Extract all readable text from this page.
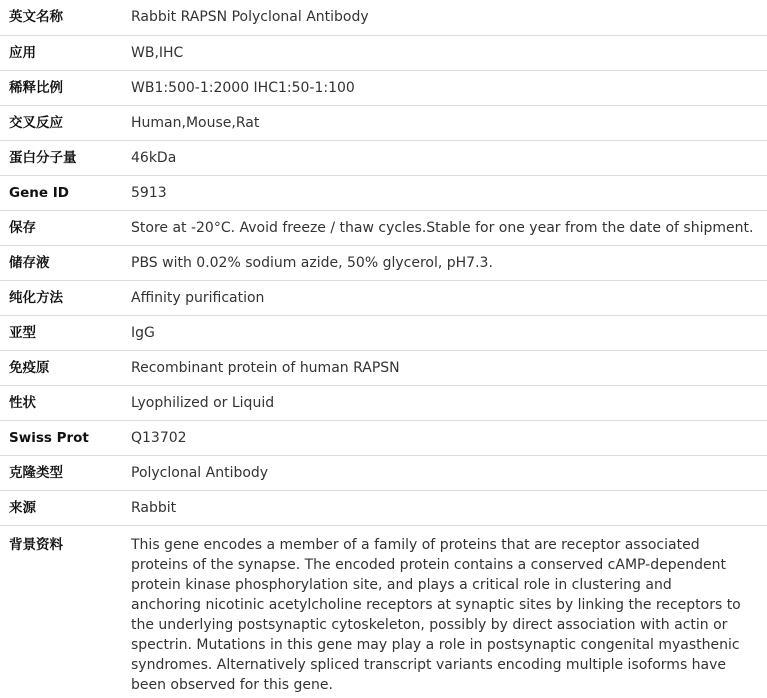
英文名称	Rabbit RAPSN Polyclonal Antibody
应用	WB,IHC
稀释比例	WB1:500-1:2000 IHC1:50-1:100
交叉反应	Human,Mouse,Rat
蛋白分子量	46kDa
Gene ID	5913
保存	Store at -20°C. Avoid freeze / thaw cycles.Stable for one year from the date of shipment.
储存液	PBS with 0.02% sodium azide, 50% glycerol, pH7.3.
纯化方法	Affinity purification
亚型	IgG
免疫原	Recombinant protein of human RAPSN
性状	Lyophilized or Liquid
Swiss Prot	Q13702
克隆类型	Polyclonal Antibody
来源	Rabbit
背景资料	This gene encodes a member of a family of proteins that are receptor associated proteins of the synapse. The encoded protein contains a conserved cAMP-dependent protein kinase phosphorylation site, and plays a critical role in clustering and anchoring nicotinic acetylcholine receptors at synaptic sites by linking the receptors to the underlying postsynaptic cytoskeleton, possibly by direct association with actin or spectrin. Mutations in this gene may play a role in postsynaptic congenital myasthenic syndromes. Alternatively spliced transcript variants encoding multiple isoforms have been observed for this gene.
